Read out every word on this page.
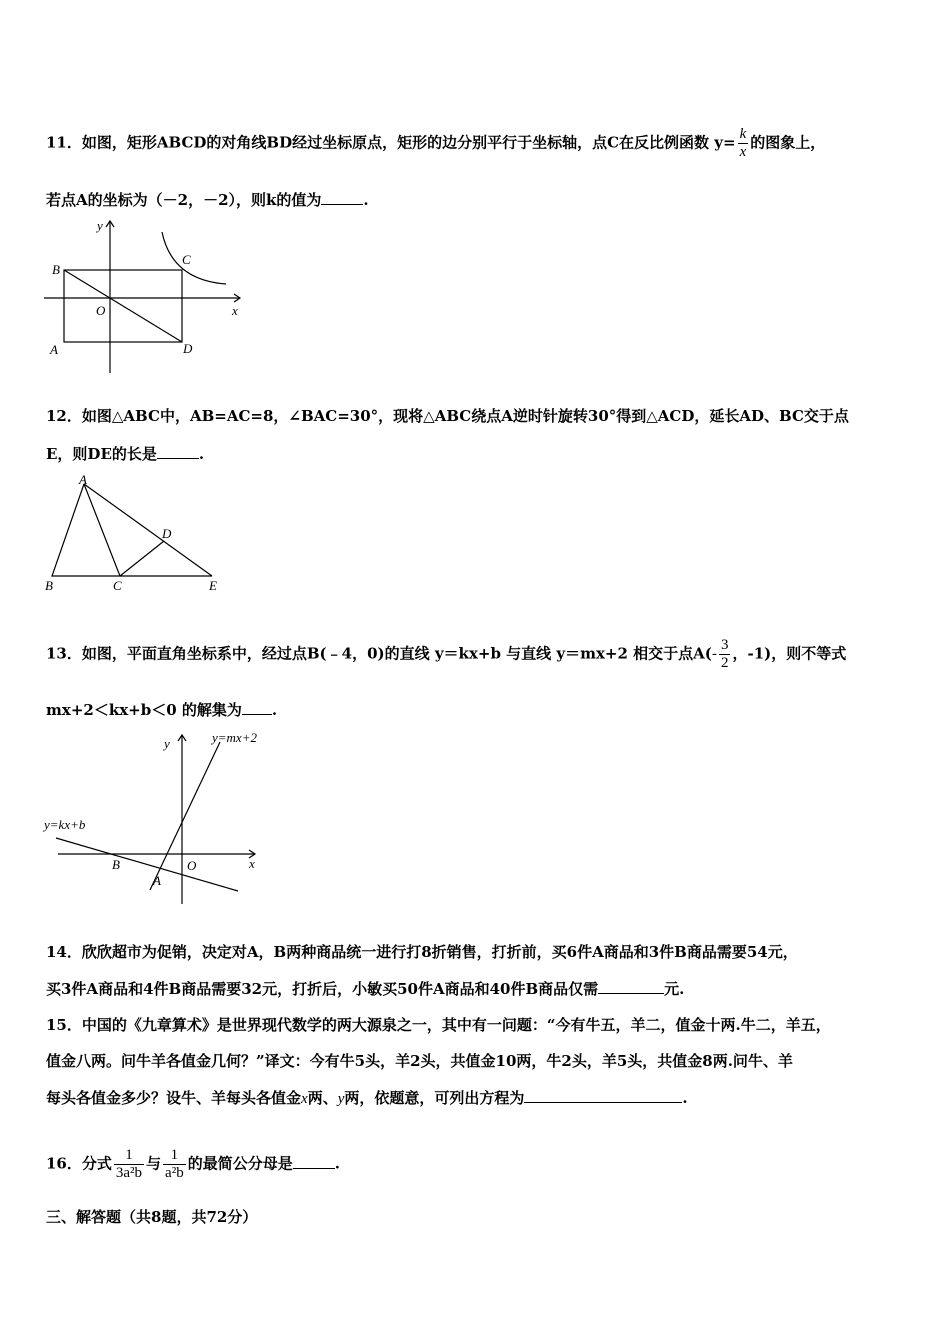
11．如图，矩形ABCD的对角线BD经过坐标原点，矩形的边分别平行于坐标轴，点C在反比例函数 $y= \frac{k}{x}$ 的图象上，
若点A的坐标为（－2，－2），则k的值为	.
y
x
B
C
O
A	D
12．如图△ABC中，AB=AC=8，∠BAC=30°，现将△ABC绕点A逆时针旋转30°得到△ACD，延长AD、BC交于点
E，则DE的长是	.
A
B	C
D
E
13．如图，平面直角坐标系中，经过点B(﹣4，0)的直线 y＝kx+b 与直线 y＝mx+2 相交于点$A(- \frac{3}{2}$ ，-1)，则不等式
mx+2＜kx+b＜0 的解集为 .
y
x
y=mx+2
y=kx+b
B	O
A
14．欣欣超市为促销，决定对A，B两种商品统一进行打8折销售，打折前，买6件A商品和3件B商品需要54元，
买3件A商品和4件B商品需要32元，打折后，小敏买50件A商品和40件B商品仅需	元.
15．中国的《九章算术》是世界现代数学的两大源泉之一，其中有一问题：“今有牛五，羊二，值金十两.牛二，羊五，
值金八两。问牛羊各值金几何？”译文：今有牛5头，羊2头，共值金10两，牛2头，羊5头，共值金8两.问牛、羊
每头各值金多少？设牛、羊每头各值金x两、y两，依题意，可列出方程为	.
16．分式 $\frac{1}{\text{3a²b}}$ 与 $\frac{1}{\text{a²b}}$ 的最简公分母是	.
三、解答题（共8题，共72分）
